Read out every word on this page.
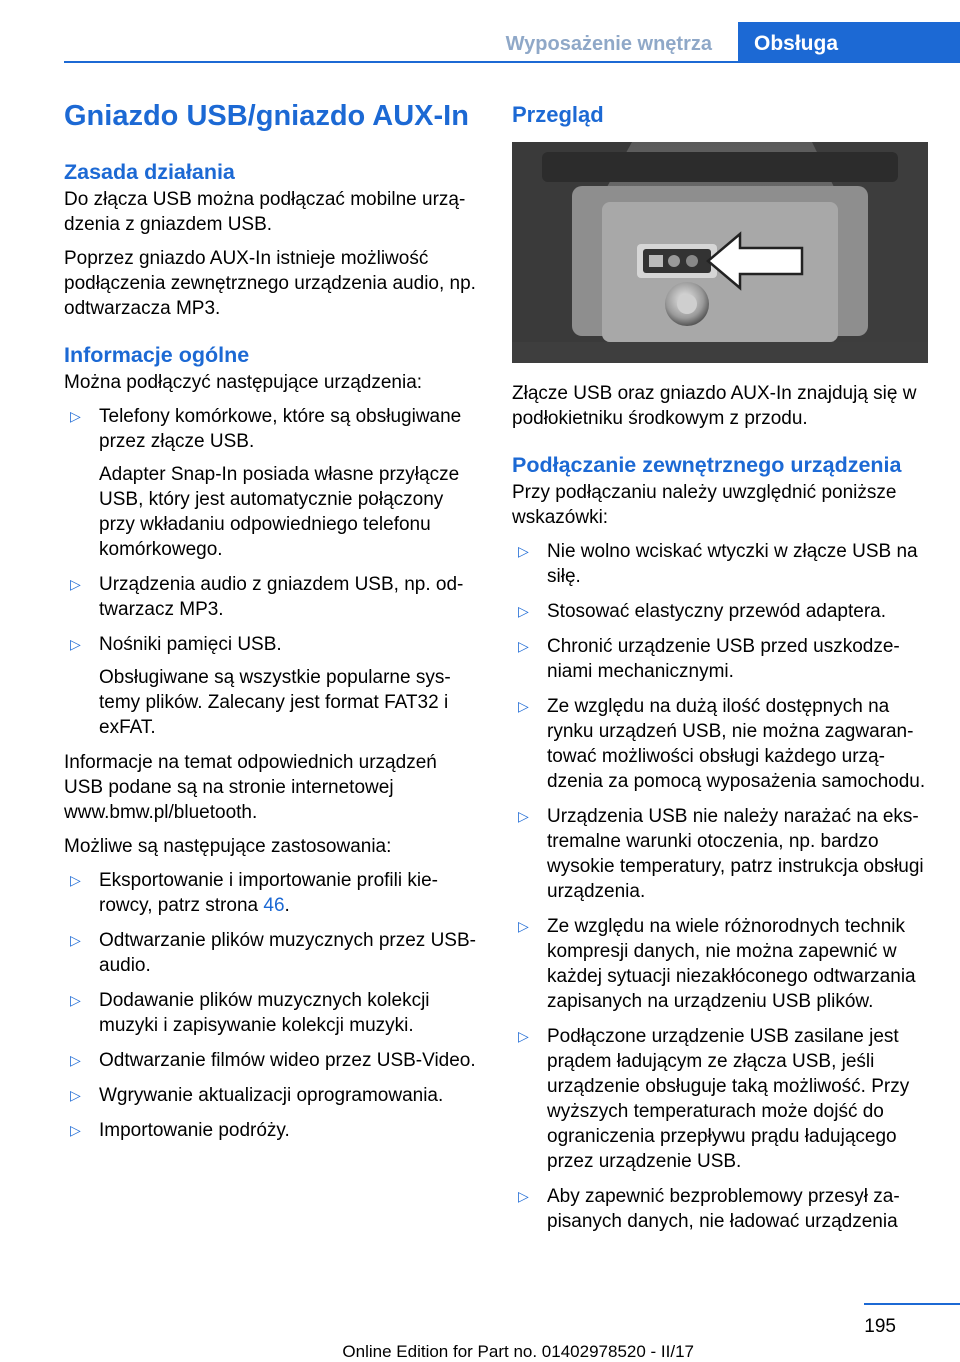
Wyposażenie wnętrza	Obsługa
Gniazdo USB/gniazdo AUX-In
Zasada działania

Do złącza USB można podłączać mobilne urządzenia z gniazdem USB.

Poprzez gniazdo AUX-In istnieje możliwość podłączenia zewnętrznego urządzenia audio, np. odtwarzacza MP3.

Informacje ogólne

Można podłączyć następujące urządzenia:

▷ Telefony komórkowe, które są obsługiwane przez złącze USB.
Adapter Snap-In posiada własne przyłącze USB, który jest automatycznie połączony przy wkładaniu odpowiedniego telefonu komórkowego.
▷ Urządzenia audio z gniazdem USB, np. odtwarzacz MP3.
▷ Nośniki pamięci USB.
Obsługiwane są wszystkie popularne systemy plików. Zalecany jest format FAT32 i exFAT.

Informacje na temat odpowiednich urządzeń USB podane są na stronie internetowej www.bmw.pl/bluetooth.

Możliwe są następujące zastosowania:

▷ Eksportowanie i importowanie profili kierowcy, patrz strona 46.
▷ Odtwarzanie plików muzycznych przez USB-audio.
▷ Dodawanie plików muzycznych kolekcji muzyki i zapisywanie kolekcji muzyki.
▷ Odtwarzanie filmów wideo przez USB-Video.
▷ Wgrywanie aktualizacji oprogramowania.
▷ Importowanie podróży.
Przegląd

Złącze USB oraz gniazdo AUX-In znajdują się w podłokietniku środkowym z przodu.

Podłączanie zewnętrznego urządzenia

Przy podłączaniu należy uwzględnić poniższe wskazówki:

▷ Nie wolno wciskać wtyczki w złącze USB na siłę.
▷ Stosować elastyczny przewód adaptera.
▷ Chronić urządzenie USB przed uszkodzeniami mechanicznymi.
▷ Ze względu na dużą ilość dostępnych na rynku urządzeń USB, nie można zagwarantować możliwości obsługi każdego urządzenia za pomocą wyposażenia samochodu.
▷ Urządzenia USB nie należy narażać na ekstremalne warunki otoczenia, np. bardzo wysokie temperatury, patrz instrukcja obsługi urządzenia.
▷ Ze względu na wiele różnorodnych technik kompresji danych, nie można zapewnić w każdej sytuacji niezakłóconego odtwarzania zapisanych na urządzeniu USB plików.
▷ Podłączone urządzenie USB zasilane jest prądem ładującym ze złącza USB, jeśli urządzenie obsługuje taką możliwość. Przy wyższych temperaturach może dojść do ograniczenia przepływu prądu ładującego przez urządzenie USB.
▷ Aby zapewnić bezproblemowy przesył zapisanych danych, nie ładować urządzenia
195
Online Edition for Part no. 01402978520 - II/17
